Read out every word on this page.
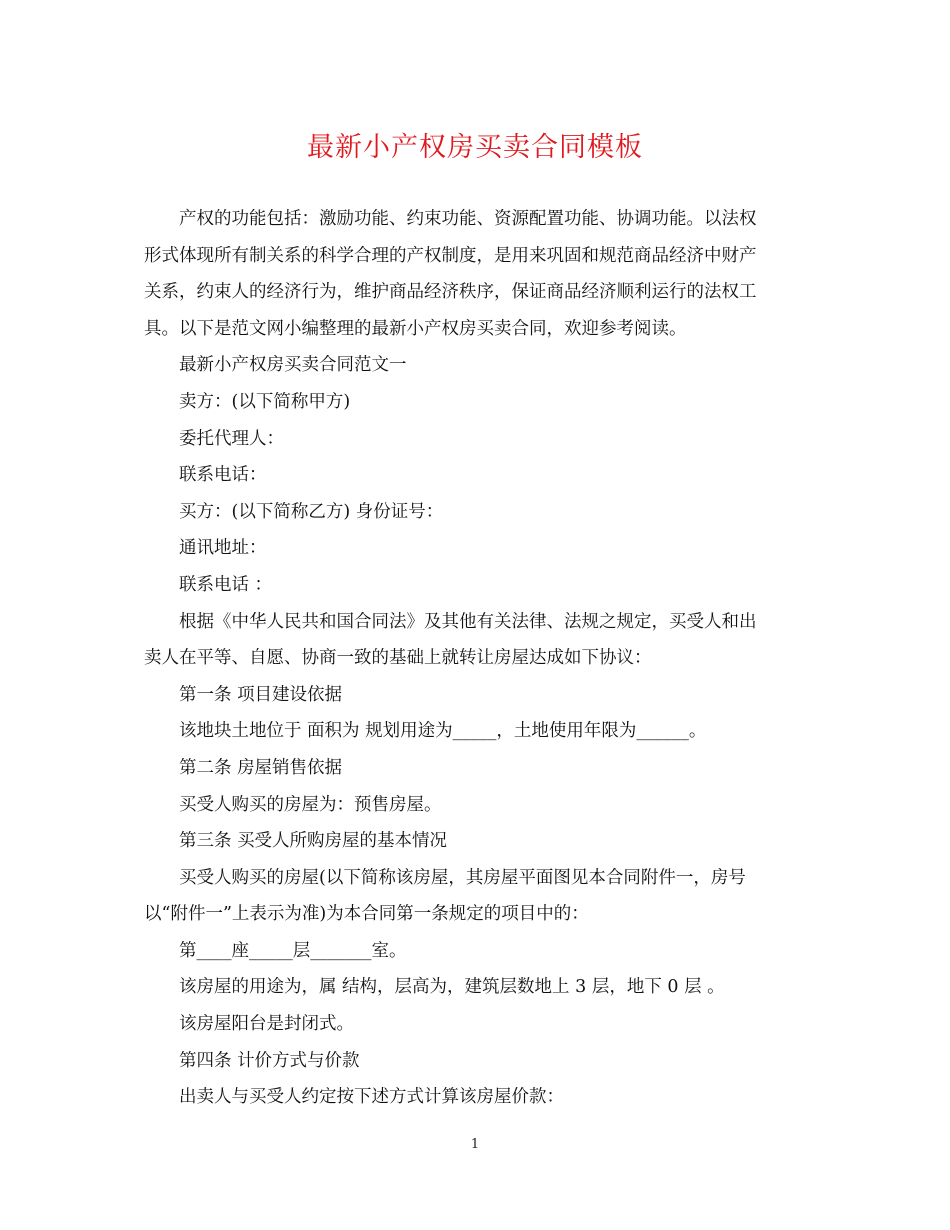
最新小产权房买卖合同模板
产权的功能包括：激励功能、约束功能、资源配置功能、协调功能。以法权
形式体现所有制关系的科学合理的产权制度，是用来巩固和规范商品经济中财产
关系，约束人的经济行为，维护商品经济秩序，保证商品经济顺利运行的法权工
具。以下是范文网小编整理的最新小产权房买卖合同，欢迎参考阅读。
最新小产权房买卖合同范文一
卖方：(以下简称甲方)
委托代理人：
联系电话：
买方：(以下简称乙方) 身份证号：
通讯地址：
联系电话 ：
根据《中华人民共和国合同法》及其他有关法律、法规之规定，买受人和出
卖人在平等、自愿、协商一致的基础上就转让房屋达成如下协议：
第一条 项目建设依据
该地块土地位于 面积为 规划用途为_____，土地使用年限为______。
第二条 房屋销售依据
买受人购买的房屋为：预售房屋。
第三条 买受人所购房屋的基本情况
买受人购买的房屋(以下简称该房屋，其房屋平面图见本合同附件一，房号
以“附件一”上表示为准)为本合同第一条规定的项目中的：
第____座_____层_______室。
该房屋的用途为，属 结构，层高为，建筑层数地上 3 层，地下 0 层 。
该房屋阳台是封闭式。
第四条 计价方式与价款
出卖人与买受人约定按下述方式计算该房屋价款：
1
